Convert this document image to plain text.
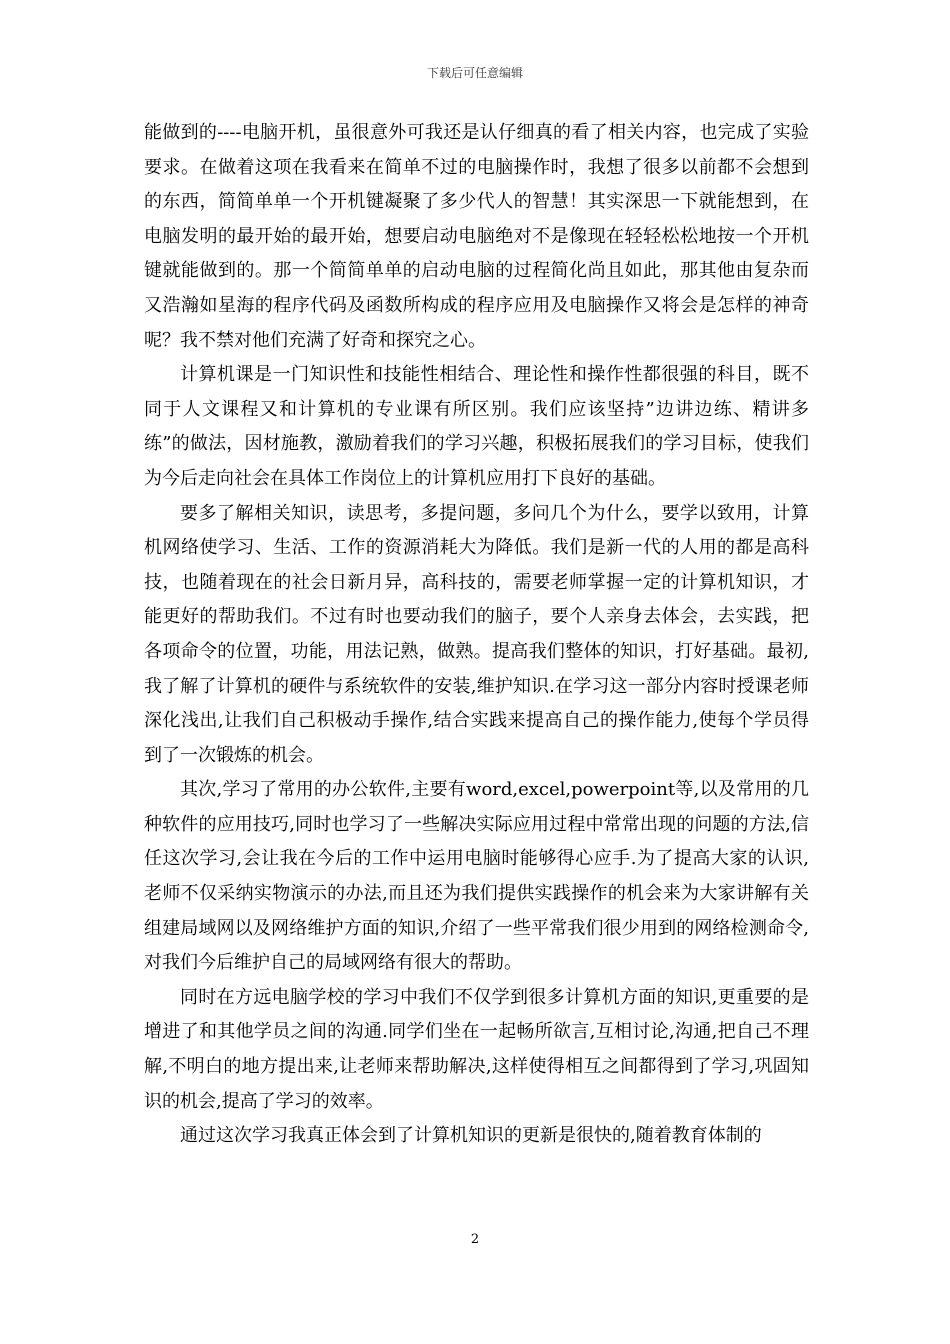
下载后可任意编辑

能做到的----电脑开机，虽很意外可我还是认仔细真的看了相关内容，也完成了实验要求。在做着这项在我看来在简单不过的电脑操作时，我想了很多以前都不会想到的东西，简简单单一个开机键凝聚了多少代人的智慧！其实深思一下就能想到，在电脑发明的最开始的最开始，想要启动电脑绝对不是像现在轻轻松松地按一个开机键就能做到的。那一个简简单单的启动电脑的过程简化尚且如此，那其他由复杂而又浩瀚如星海的程序代码及函数所构成的程序应用及电脑操作又将会是怎样的神奇呢？我不禁对他们充满了好奇和探究之心。

计算机课是一门知识性和技能性相结合、理论性和操作性都很强的科目，既不同于人文课程又和计算机的专业课有所区别。我们应该坚持”边讲边练、精讲多练”的做法，因材施教，激励着我们的学习兴趣，积极拓展我们的学习目标，使我们为今后走向社会在具体工作岗位上的计算机应用打下良好的基础。

要多了解相关知识，读思考，多提问题，多问几个为什么，要学以致用，计算机网络使学习、生活、工作的资源消耗大为降低。我们是新一代的人用的都是高科技，也随着现在的社会日新月异，高科技的，需要老师掌握一定的计算机知识，才能更好的帮助我们。不过有时也要动我们的脑子，要个人亲身去体会，去实践，把各项命令的位置，功能，用法记熟，做熟。提高我们整体的知识，打好基础。最初,我了解了计算机的硬件与系统软件的安装,维护知识.在学习这一部分内容时授课老师深化浅出,让我们自己积极动手操作,结合实践来提高自己的操作能力,使每个学员得到了一次锻炼的机会。

其次,学习了常用的办公软件,主要有word,excel,powerpoint等,以及常用的几种软件的应用技巧,同时也学习了一些解决实际应用过程中常常出现的问题的方法,信任这次学习,会让我在今后的工作中运用电脑时能够得心应手.为了提高大家的认识,老师不仅采纳实物演示的办法,而且还为我们提供实践操作的机会来为大家讲解有关组建局域网以及网络维护方面的知识,介绍了一些平常我们很少用到的网络检测命令,对我们今后维护自己的局域网络有很大的帮助。

同时在方远电脑学校的学习中我们不仅学到很多计算机方面的知识,更重要的是增进了和其他学员之间的沟通.同学们坐在一起畅所欲言,互相讨论,沟通,把自己不理解,不明白的地方提出来,让老师来帮助解决,这样使得相互之间都得到了学习,巩固知识的机会,提高了学习的效率。

通过这次学习我真正体会到了计算机知识的更新是很快的,随着教育体制的

2
